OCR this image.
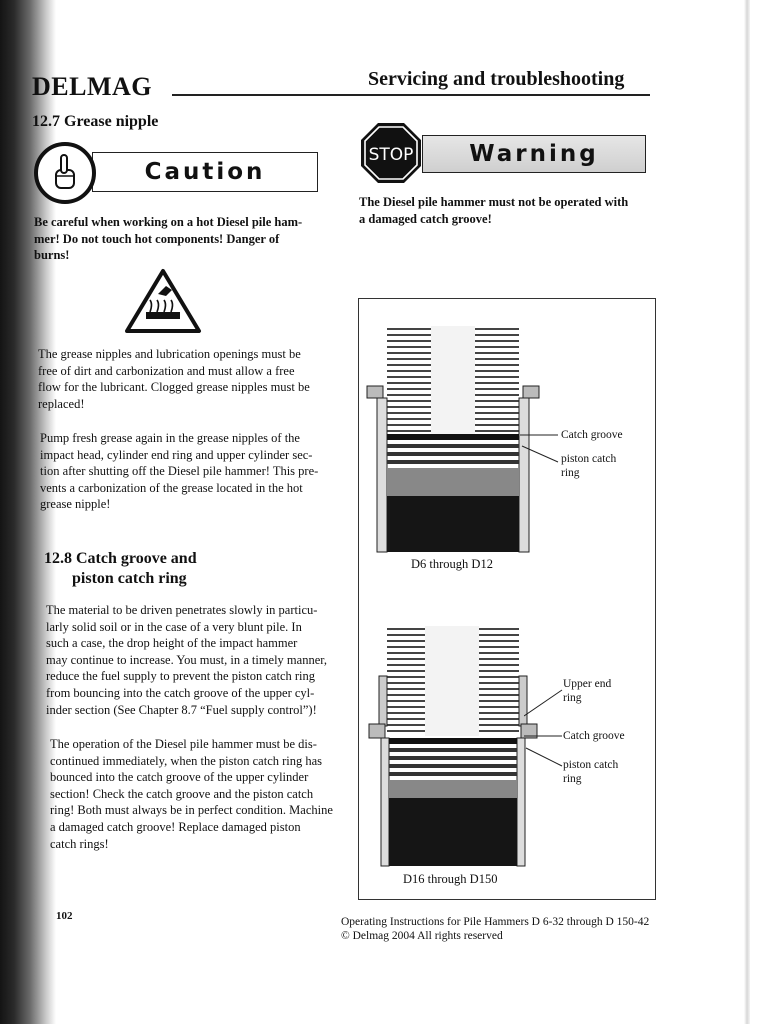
DELMAG	Servicing and troubleshooting
12.7 Grease nipple
Caution
Be careful when working on a hot Diesel pile ham-
mer! Do not touch hot components! Danger of
burns!
The grease nipples and lubrication openings must be
free of dirt and carbonization and must allow a free
flow for the lubricant. Clogged grease nipples must be
replaced!
Pump fresh grease again in the grease nipples of the
impact head, cylinder end ring and upper cylinder sec-
tion after shutting off the Diesel pile hammer! This pre-
vents a carbonization of the grease located in the hot
grease nipple!
12.8 Catch groove and
piston catch ring
The material to be driven penetrates slowly in particu-
larly solid soil or in the case of a very blunt pile. In
such a case, the drop height of the impact hammer
may continue to increase. You must, in a timely manner,
reduce the fuel supply to prevent the piston catch ring
from bouncing into the catch groove of the upper cyl-
inder section (See Chapter 8.7 “Fuel supply control”)!
The operation of the Diesel pile hammer must be dis-
continued immediately, when the piston catch ring has
bounced into the catch groove of the upper cylinder
section! Check the catch groove and the piston catch
ring! Both must always be in perfect condition. Machine
a damaged catch groove! Replace damaged piston
catch rings!
102
STOP	Warning
The Diesel pile hammer must not be operated with
a damaged catch groove!
Catch groove
piston catch
ring
D6 through D12
Upper end
ring
Catch groove
piston catch
ring
D16 through D150
Operating Instructions for Pile Hammers D 6-32 through D 150-42
© Delmag 2004 All rights reserved
